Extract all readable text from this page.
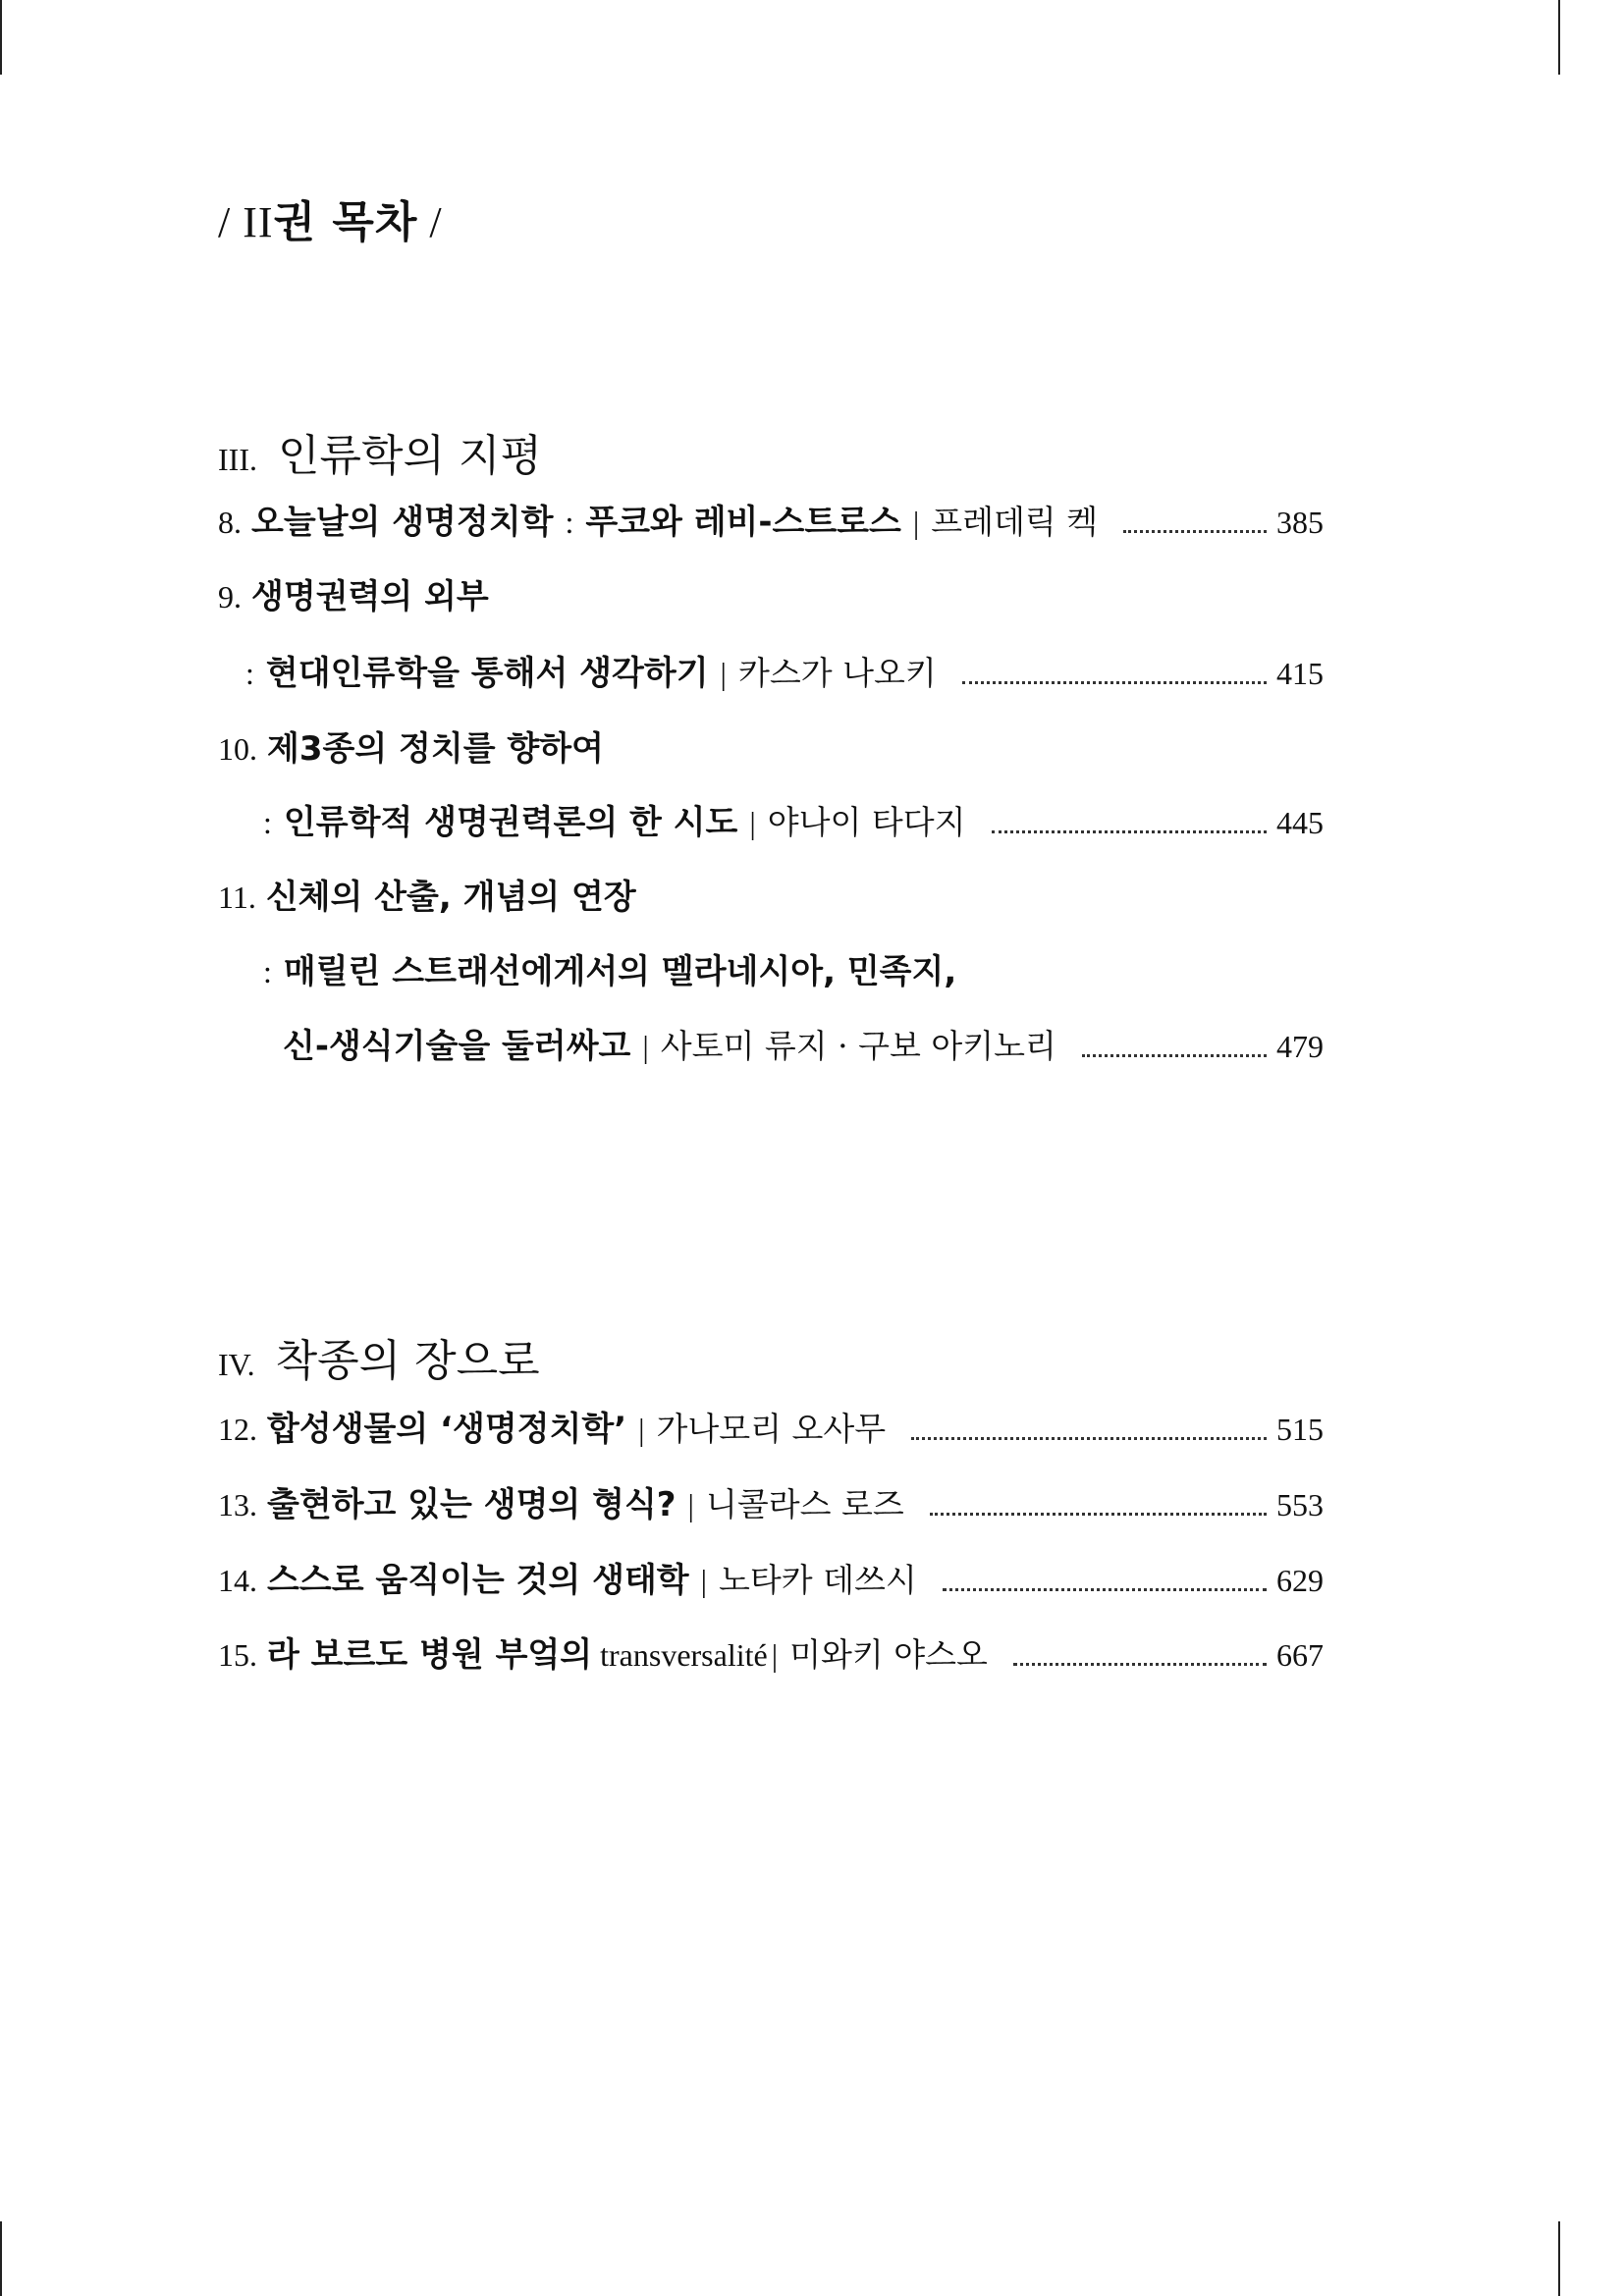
/ II권 목차 /
III. 인류학의 지평
8. 오늘날의 생명정치학 : 푸코와 레비-스트로스 | 프레데릭 켁	385
9. 생명권력의 외부
: 현대인류학을 통해서 생각하기 | 카스가 나오키	415
10. 제3종의 정치를 향하여
: 인류학적 생명권력론의 한 시도 | 야나이 타다지	445
11. 신체의 산출, 개념의 연장
: 매릴린 스트래선에게서의 멜라네시아, 민족지,
신-생식기술을 둘러싸고 | 사토미 류지 · 구보 아키노리	479
IV. 착종의 장으로
12. 합성생물의 ‘생명정치학’ | 가나모리 오사무	515
13. 출현하고 있는 생명의 형식? | 니콜라스 로즈	553
14. 스스로 움직이는 것의 생태학 | 노타카 데쓰시	629
15. 라 보르도 병원 부엌의 transversalité | 미와키 야스오	667
